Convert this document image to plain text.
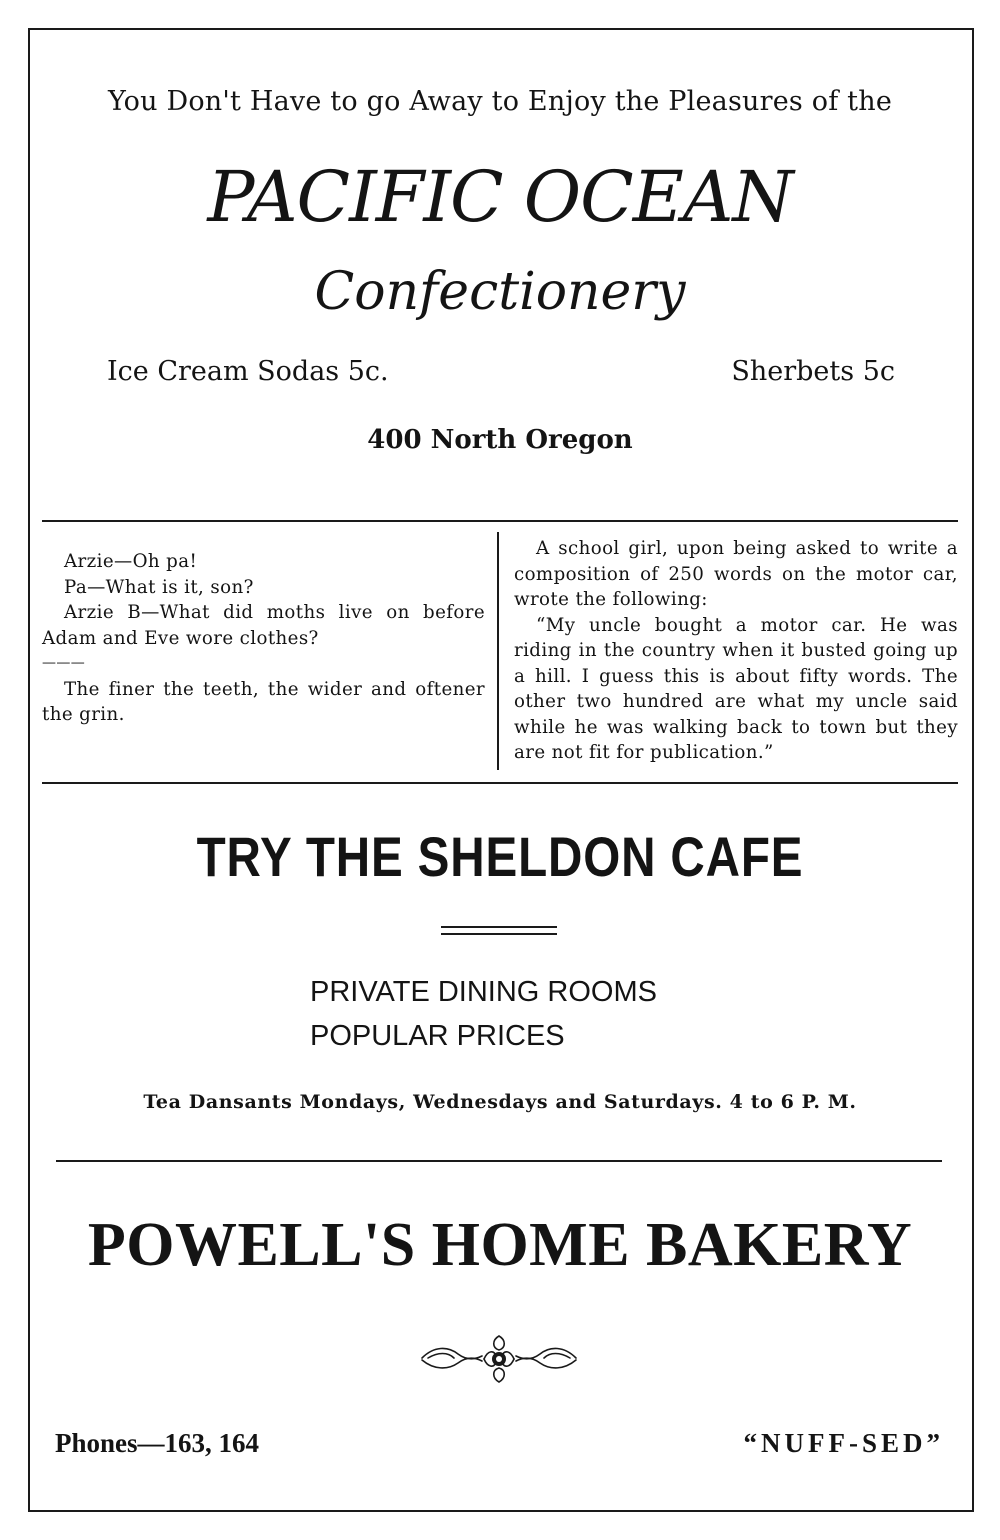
You Don't Have to go Away to Enjoy the Pleasures of the
PACIFIC OCEAN
Confectionery
Ice Cream Sodas 5c.	Sherbets 5c
400 North Oregon

Arzie—Oh pa!

Pa—What is it, son?

Arzie B—What did moths live on before Adam and Eve wore clothes?

———

The finer the teeth, the wider and oftener the grin.

A school girl, upon being asked to write a composition of 250 words on the motor car, wrote the following:

“My uncle bought a motor car. He was riding in the country when it busted going up a hill. I guess this is about fifty words. The other two hundred are what my uncle said while he was walking back to town but they are not fit for publication.”

TRY THE SHELDON CAFE
PRIVATE DINING ROOMS
POPULAR PRICES
Tea Dansants Mondays, Wednesdays and Saturdays. 4 to 6 P. M.
POWELL'S HOME BAKERY
Phones—163, 164	“NUFF-SED”
